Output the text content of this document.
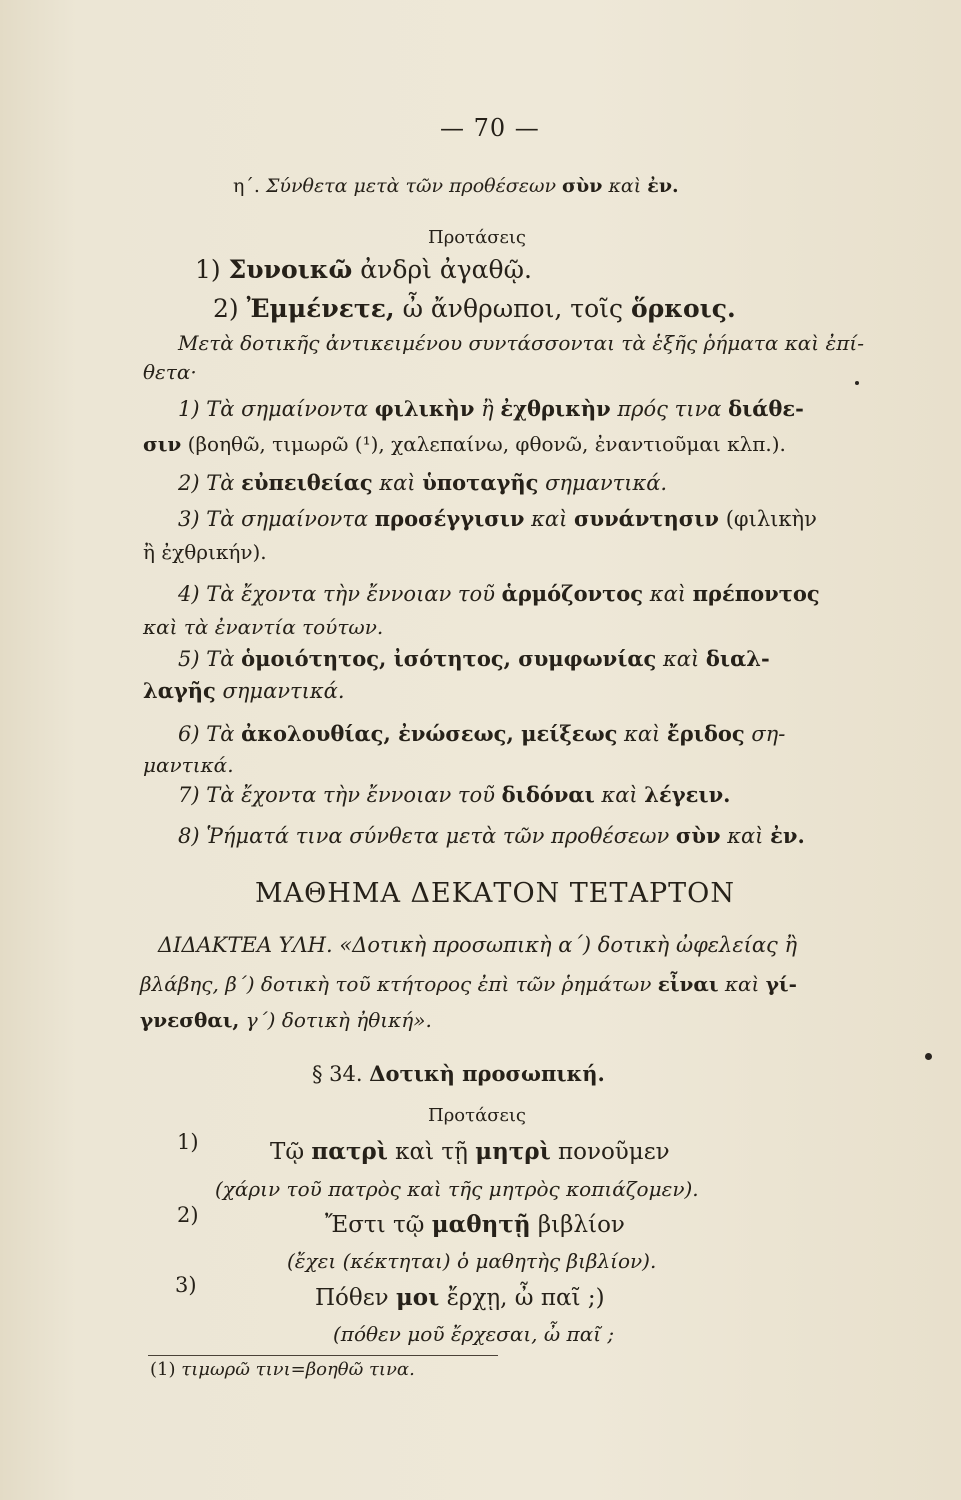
— 70 —
η΄. Σύνθετα μετὰ τῶν προθέσεων σὺν καὶ ἐν.
Προτάσεις
1) Συνοικῶ ἀνδρὶ ἀγαθῷ.
2) Ἐμμένετε, ὦ ἄνθρωποι, τοῖς ὅρκοις.
Μετὰ δοτικῆς ἀντικειμένου συντάσσονται τὰ ἑξῆς ῥήματα καὶ ἐπί-
θετα·
1) Τὰ σημαίνοντα φιλικὴν ἢ ἐχθρικὴν πρός τινα διάθε-
σιν (βοηθῶ, τιμωρῶ (¹), χαλεπαίνω, φθονῶ, ἐναντιοῦμαι κλπ.).
2) Τὰ εὐπειθείας καὶ ὑποταγῆς σημαντικά.
3) Τὰ σημαίνοντα προσέγγισιν καὶ συνάντησιν (φιλικὴν
ἢ ἐχθρικήν).
4) Τὰ ἔχοντα τὴν ἔννοιαν τοῦ ἁρμόζοντος καὶ πρέποντος
καὶ τὰ ἐναντία τούτων.
5) Τὰ ὁμοιότητος, ἰσότητος, συμφωνίας καὶ διαλ-
λαγῆς σημαντικά.
6) Τὰ ἀκολουθίας, ἐνώσεως, μείξεως καὶ ἔριδος ση-
μαντικά.
7) Τὰ ἔχοντα τὴν ἔννοιαν τοῦ διδόναι καὶ λέγειν.
8) Ῥήματά τινα σύνθετα μετὰ τῶν προθέσεων σὺν καὶ ἐν.
ΜΑΘΗΜΑ ΔΕΚΑΤΟΝ ΤΕΤΑΡΤΟΝ
ΔΙΔΑΚΤΕΑ ΥΛΗ. «Δοτικὴ προσωπικὴ α΄) δοτικὴ ὠφελείας ἢ
βλάβης, β΄) δοτικὴ τοῦ κτήτορος ἐπὶ τῶν ῥημάτων εἶναι καὶ γί-
γνεσθαι, γ΄) δοτικὴ ἠθική».
§ 34. Δοτικὴ προσωπική.
Προτάσεις
1)	Τῷ πατρὶ καὶ τῇ μητρὶ πονοῦμεν
(χάριν τοῦ πατρὸς καὶ τῆς μητρὸς κοπιάζομεν).
2)	Ἔστι τῷ μαθητῇ βιβλίον
(ἔχει (κέκτηται) ὁ μαθητὴς βιβλίον).
3)	Πόθεν μοι ἔρχῃ, ὦ παῖ ;)
(πόθεν μοῦ ἔρχεσαι, ὦ παῖ ;
(1) τιμωρῶ τινι=βοηθῶ τινα.
